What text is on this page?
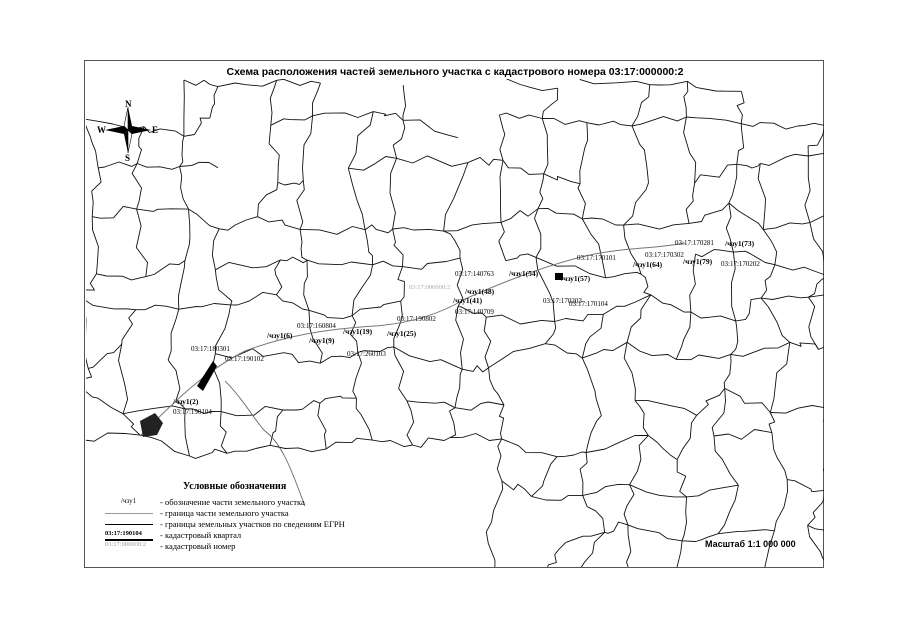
/чзу1(73)
03:17:170281
03:17:170302
/чзу1(64)	/чзу1(79) 03:17:170202
03:17:140763 /чзу1(54)
03:17:170101
/чзу1(57)
03:17:000000:2 /чзу1(48)
/чзу1(41)	03:17:170203
03:17:170104
03:17:140709
03:17:190802
03:17:160804
/чзу1(19) /чзу1(25)
/чзу1(6)
/чзу1(9)
03:17:260103
03:17:180301
03:17:190102
/чзу1(2)
03:17:190104
Схема расположения частей земельного участка с кадастрового номера 03:17:000000:2
N
S
W	E
Условные обозначения
/чзу1	- обозначение части земельного участка
- граница части земельного участка
- границы земельных участков по сведениям ЕГРН
03:17:190104	- кадастровый квартал
03:17:000000:2	- кадастровый номер	Масштаб 1:1 000 000
